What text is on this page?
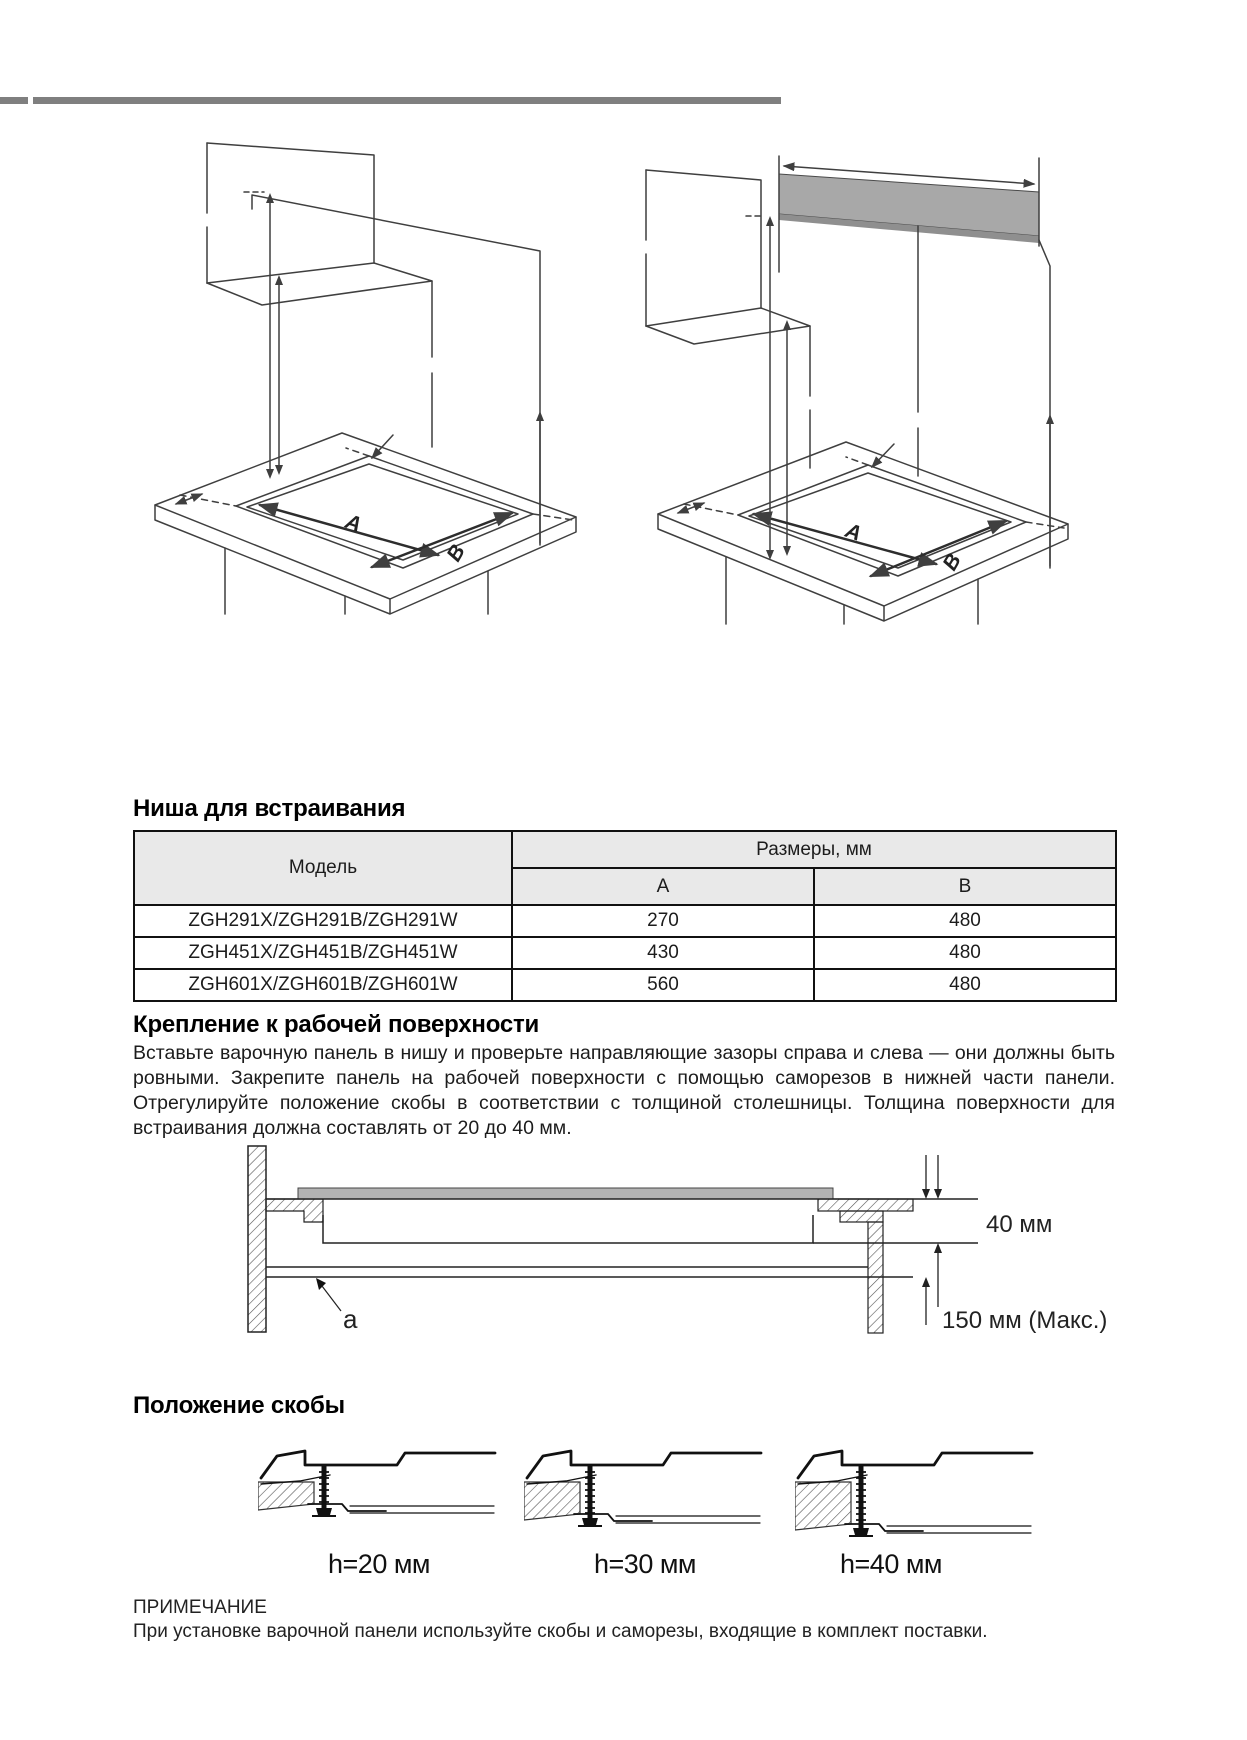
A
B
A
B
Ниша для встраивания
Модель	Размеры, мм	
	A	B
ZGH291X/ZGH291B/ZGH291W	270	480
ZGH451X/ZGH451B/ZGH451W	430	480
ZGH601X/ZGH601B/ZGH601W	560	480
Крепление к рабочей поверхности
Вставьте варочную панель в нишу и проверьте направляющие зазоры справа и слева — они должны быть ровными. Закрепите панель на рабочей поверхности с помощью саморезов в нижней части панели. Отрегулируйте положение скобы в соответствии с толщиной столешницы. Толщина поверхности для встраивания должна составлять от 20 до 40 мм.
40 мм
150 мм (Макс.)
a
Положение скобы
h=20 мм	h=30 мм	h=40 мм
ПРИМЕЧАНИЕ
При установке варочной панели используйте скобы и саморезы, входящие в комплект поставки.
